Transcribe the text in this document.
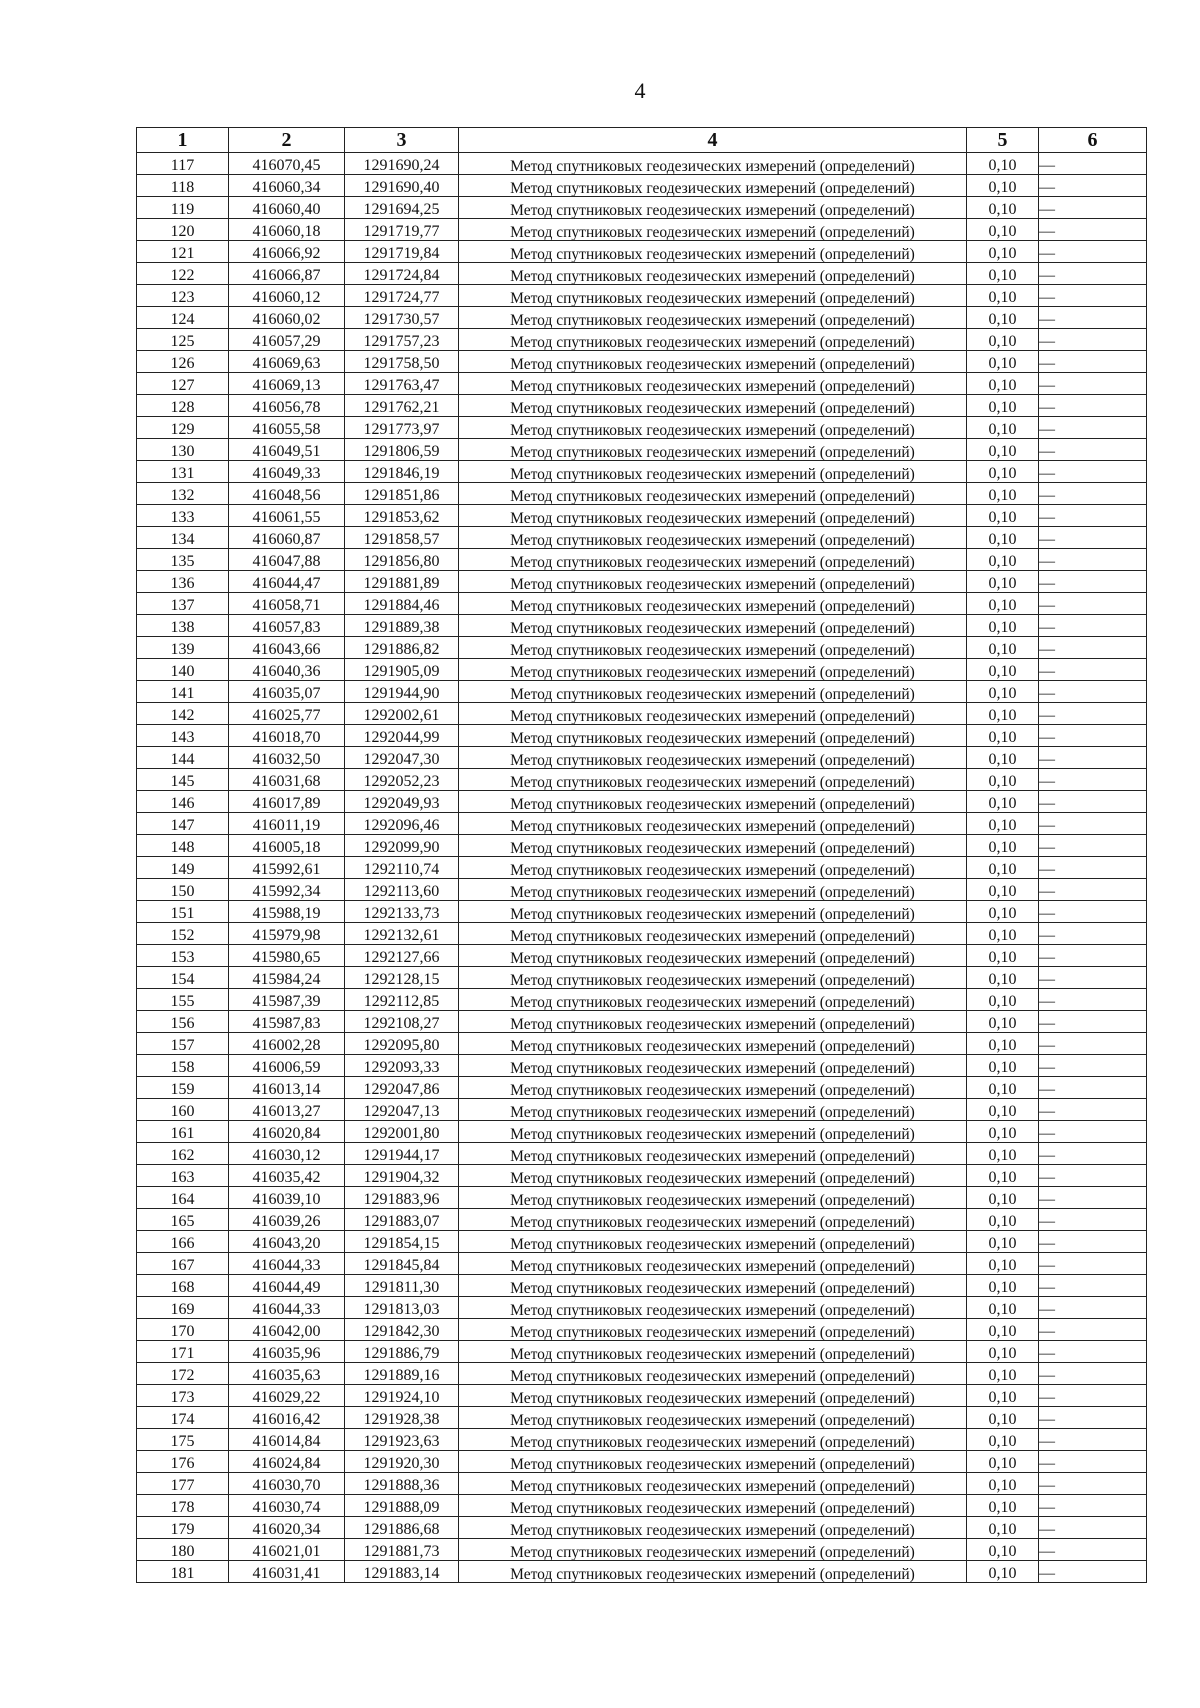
4
1	2	3	4	5	6
117	416070,45	1291690,24	Метод спутниковых геодезических измерений (определений)	0,10	—
118	416060,34	1291690,40	Метод спутниковых геодезических измерений (определений)	0,10	—
119	416060,40	1291694,25	Метод спутниковых геодезических измерений (определений)	0,10	—
120	416060,18	1291719,77	Метод спутниковых геодезических измерений (определений)	0,10	—
121	416066,92	1291719,84	Метод спутниковых геодезических измерений (определений)	0,10	—
122	416066,87	1291724,84	Метод спутниковых геодезических измерений (определений)	0,10	—
123	416060,12	1291724,77	Метод спутниковых геодезических измерений (определений)	0,10	—
124	416060,02	1291730,57	Метод спутниковых геодезических измерений (определений)	0,10	—
125	416057,29	1291757,23	Метод спутниковых геодезических измерений (определений)	0,10	—
126	416069,63	1291758,50	Метод спутниковых геодезических измерений (определений)	0,10	—
127	416069,13	1291763,47	Метод спутниковых геодезических измерений (определений)	0,10	—
128	416056,78	1291762,21	Метод спутниковых геодезических измерений (определений)	0,10	—
129	416055,58	1291773,97	Метод спутниковых геодезических измерений (определений)	0,10	—
130	416049,51	1291806,59	Метод спутниковых геодезических измерений (определений)	0,10	—
131	416049,33	1291846,19	Метод спутниковых геодезических измерений (определений)	0,10	—
132	416048,56	1291851,86	Метод спутниковых геодезических измерений (определений)	0,10	—
133	416061,55	1291853,62	Метод спутниковых геодезических измерений (определений)	0,10	—
134	416060,87	1291858,57	Метод спутниковых геодезических измерений (определений)	0,10	—
135	416047,88	1291856,80	Метод спутниковых геодезических измерений (определений)	0,10	—
136	416044,47	1291881,89	Метод спутниковых геодезических измерений (определений)	0,10	—
137	416058,71	1291884,46	Метод спутниковых геодезических измерений (определений)	0,10	—
138	416057,83	1291889,38	Метод спутниковых геодезических измерений (определений)	0,10	—
139	416043,66	1291886,82	Метод спутниковых геодезических измерений (определений)	0,10	—
140	416040,36	1291905,09	Метод спутниковых геодезических измерений (определений)	0,10	—
141	416035,07	1291944,90	Метод спутниковых геодезических измерений (определений)	0,10	—
142	416025,77	1292002,61	Метод спутниковых геодезических измерений (определений)	0,10	—
143	416018,70	1292044,99	Метод спутниковых геодезических измерений (определений)	0,10	—
144	416032,50	1292047,30	Метод спутниковых геодезических измерений (определений)	0,10	—
145	416031,68	1292052,23	Метод спутниковых геодезических измерений (определений)	0,10	—
146	416017,89	1292049,93	Метод спутниковых геодезических измерений (определений)	0,10	—
147	416011,19	1292096,46	Метод спутниковых геодезических измерений (определений)	0,10	—
148	416005,18	1292099,90	Метод спутниковых геодезических измерений (определений)	0,10	—
149	415992,61	1292110,74	Метод спутниковых геодезических измерений (определений)	0,10	—
150	415992,34	1292113,60	Метод спутниковых геодезических измерений (определений)	0,10	—
151	415988,19	1292133,73	Метод спутниковых геодезических измерений (определений)	0,10	—
152	415979,98	1292132,61	Метод спутниковых геодезических измерений (определений)	0,10	—
153	415980,65	1292127,66	Метод спутниковых геодезических измерений (определений)	0,10	—
154	415984,24	1292128,15	Метод спутниковых геодезических измерений (определений)	0,10	—
155	415987,39	1292112,85	Метод спутниковых геодезических измерений (определений)	0,10	—
156	415987,83	1292108,27	Метод спутниковых геодезических измерений (определений)	0,10	—
157	416002,28	1292095,80	Метод спутниковых геодезических измерений (определений)	0,10	—
158	416006,59	1292093,33	Метод спутниковых геодезических измерений (определений)	0,10	—
159	416013,14	1292047,86	Метод спутниковых геодезических измерений (определений)	0,10	—
160	416013,27	1292047,13	Метод спутниковых геодезических измерений (определений)	0,10	—
161	416020,84	1292001,80	Метод спутниковых геодезических измерений (определений)	0,10	—
162	416030,12	1291944,17	Метод спутниковых геодезических измерений (определений)	0,10	—
163	416035,42	1291904,32	Метод спутниковых геодезических измерений (определений)	0,10	—
164	416039,10	1291883,96	Метод спутниковых геодезических измерений (определений)	0,10	—
165	416039,26	1291883,07	Метод спутниковых геодезических измерений (определений)	0,10	—
166	416043,20	1291854,15	Метод спутниковых геодезических измерений (определений)	0,10	—
167	416044,33	1291845,84	Метод спутниковых геодезических измерений (определений)	0,10	—
168	416044,49	1291811,30	Метод спутниковых геодезических измерений (определений)	0,10	—
169	416044,33	1291813,03	Метод спутниковых геодезических измерений (определений)	0,10	—
170	416042,00	1291842,30	Метод спутниковых геодезических измерений (определений)	0,10	—
171	416035,96	1291886,79	Метод спутниковых геодезических измерений (определений)	0,10	—
172	416035,63	1291889,16	Метод спутниковых геодезических измерений (определений)	0,10	—
173	416029,22	1291924,10	Метод спутниковых геодезических измерений (определений)	0,10	—
174	416016,42	1291928,38	Метод спутниковых геодезических измерений (определений)	0,10	—
175	416014,84	1291923,63	Метод спутниковых геодезических измерений (определений)	0,10	—
176	416024,84	1291920,30	Метод спутниковых геодезических измерений (определений)	0,10	—
177	416030,70	1291888,36	Метод спутниковых геодезических измерений (определений)	0,10	—
178	416030,74	1291888,09	Метод спутниковых геодезических измерений (определений)	0,10	—
179	416020,34	1291886,68	Метод спутниковых геодезических измерений (определений)	0,10	—
180	416021,01	1291881,73	Метод спутниковых геодезических измерений (определений)	0,10	—
181	416031,41	1291883,14	Метод спутниковых геодезических измерений (определений)	0,10	—
